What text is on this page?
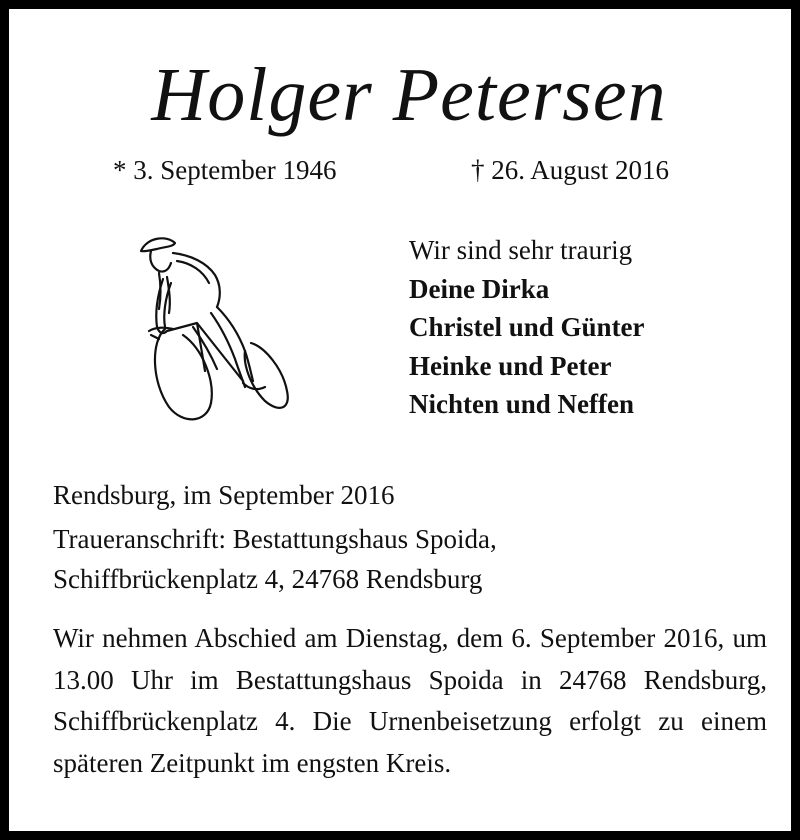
Holger Petersen
* 3. September 1946	† 26. August 2016
Wir sind sehr traurig
Deine Dirka
Christel und Günter
Heinke und Peter
Nichten und Neffen
Rendsburg, im September 2016
Traueranschrift: Bestattungshaus Spoida,
Schiffbrückenplatz 4, 24768 Rendsburg
Wir nehmen Abschied am Dienstag, dem 6. September 2016, um 13.00 Uhr im Bestattungshaus Spoida in 24768 Rendsburg, Schiffbrückenplatz 4. Die Urnenbeisetzung erfolgt zu einem späteren Zeitpunkt im engsten Kreis.
